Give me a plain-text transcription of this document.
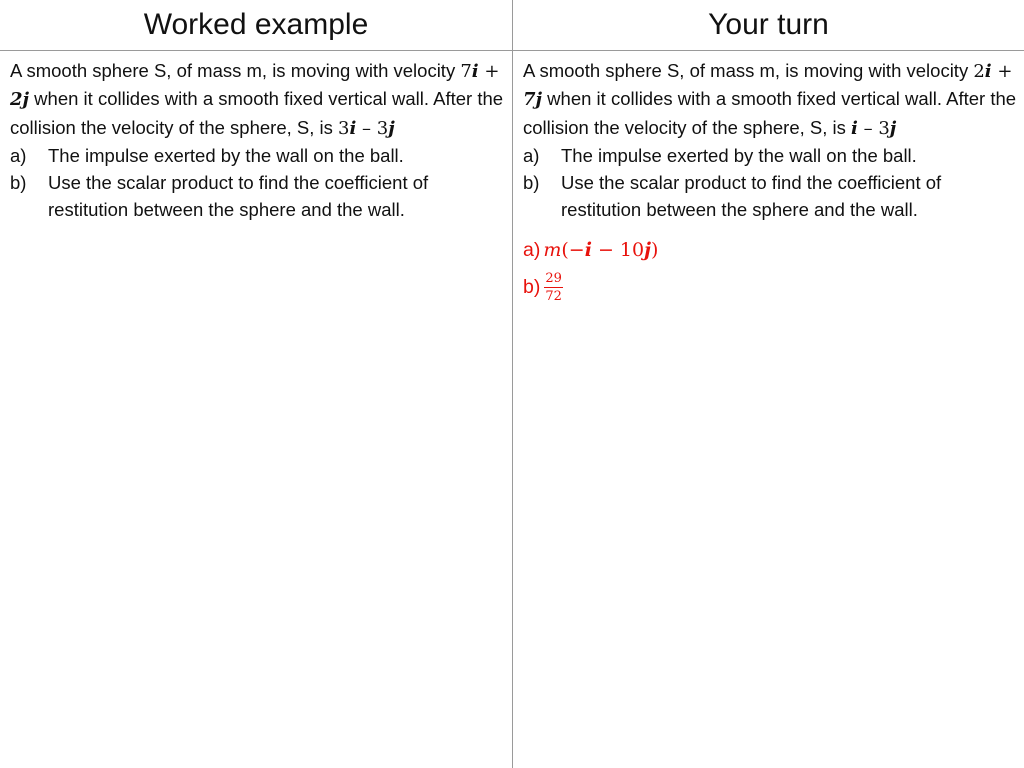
Worked example	Your turn

A smooth sphere S, of mass m, is moving with velocity 7i + 2j when it collides with a smooth fixed vertical wall. After the collision the velocity of the sphere, S, is 3i – 3j

a)	The impulse exerted by the wall on the ball.
b)	Use the scalar product to find the coefficient of restitution between the sphere and the wall.

A smooth sphere S, of mass m, is moving with velocity 2i + 7j when it collides with a smooth fixed vertical wall. After the collision the velocity of the sphere, S, is i – 3j

a)	The impulse exerted by the wall on the ball.
b)	Use the scalar product to find the coefficient of restitution between the sphere and the wall.
a) m (− i − 10 j )
$b) \frac{29}{72}$
